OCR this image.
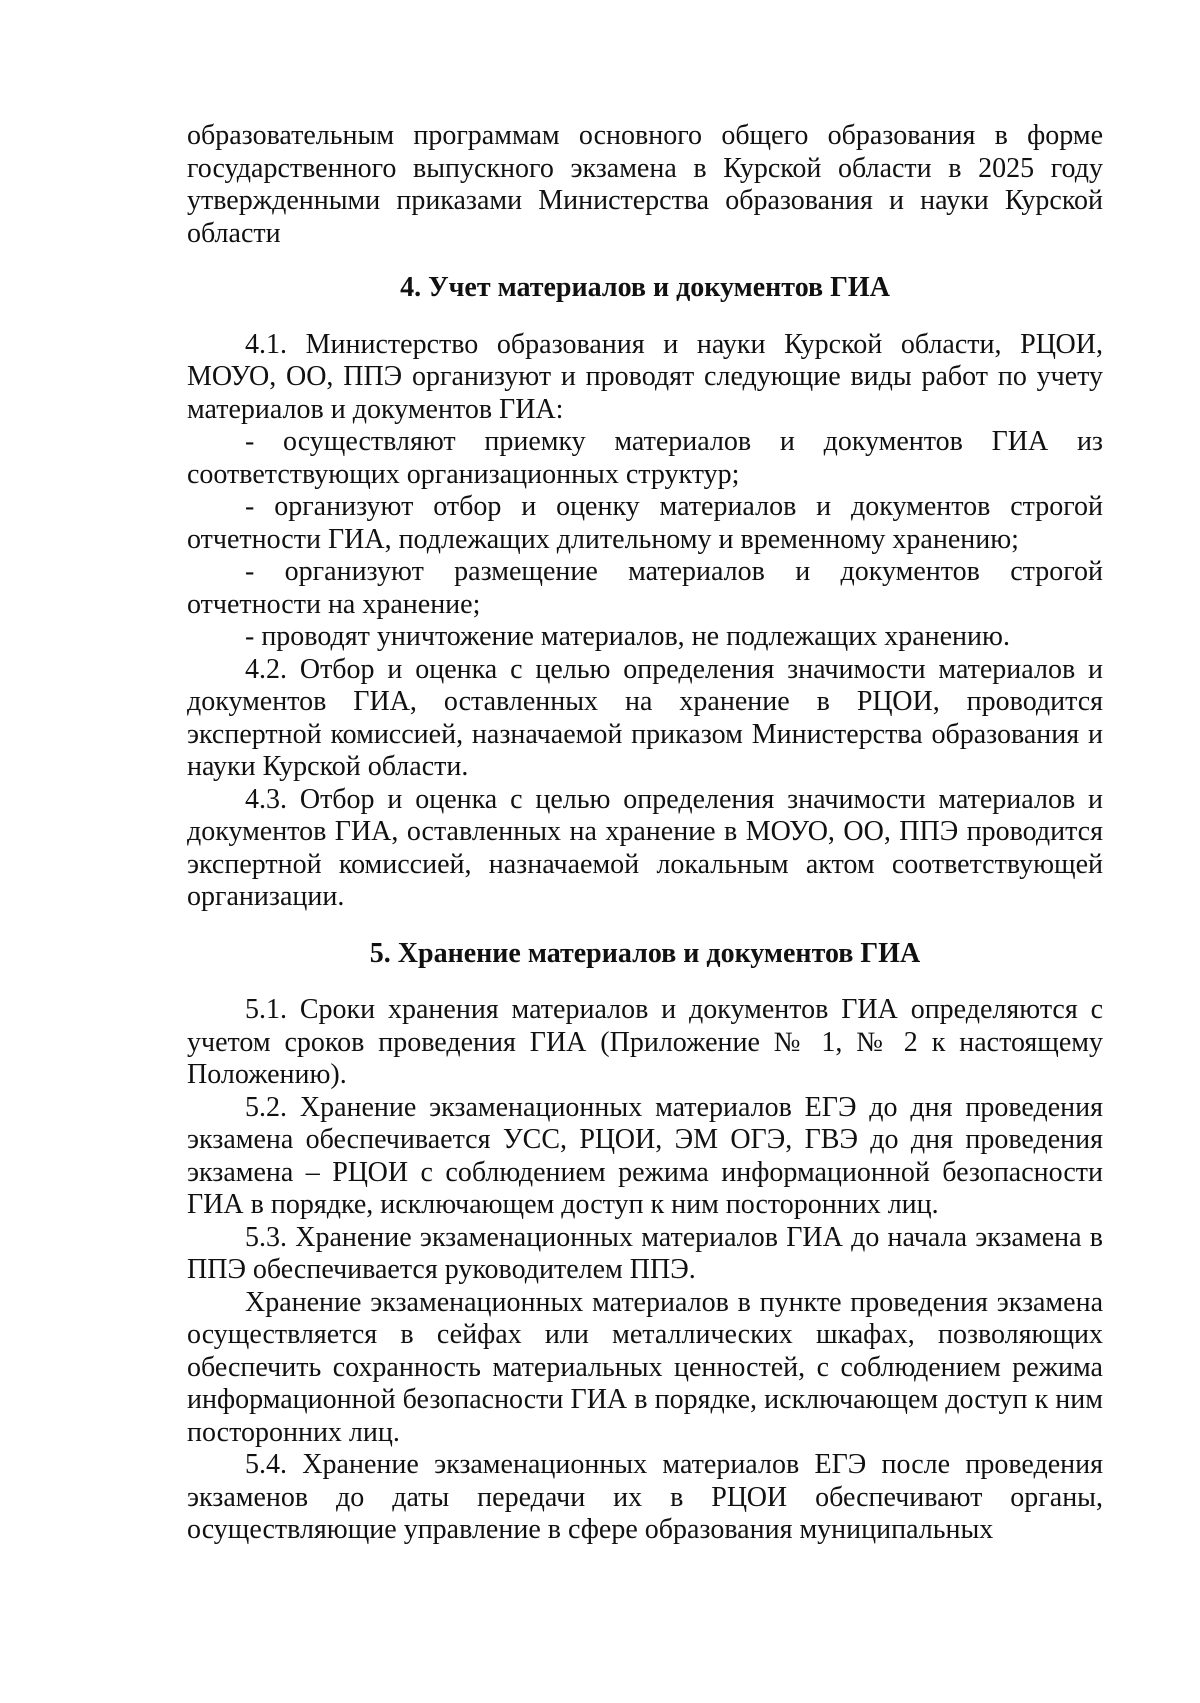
образовательным программам основного общего образования в форме государственного выпускного экзамена в Курской области в 2025 году утвержденными приказами Министерства образования и науки Курской области

4. Учет материалов и документов ГИА

4.1. Министерство образования и науки Курской области, РЦОИ, МОУО, ОО, ППЭ организуют и проводят следующие виды работ по учету материалов и документов ГИА:

- осуществляют приемку материалов и документов ГИА из соответствующих организационных структур;

- организуют отбор и оценку материалов и документов строгой отчетности ГИА, подлежащих длительному и временному хранению;

- организуют размещение материалов и документов строгой отчетности на хранение;

- проводят уничтожение материалов, не подлежащих хранению.

4.2. Отбор и оценка с целью определения значимости материалов и документов ГИА, оставленных на хранение в РЦОИ, проводится экспертной комиссией, назначаемой приказом Министерства образования и науки Курской области.

4.3. Отбор и оценка с целью определения значимости материалов и документов ГИА, оставленных на хранение в МОУО, ОО, ППЭ проводится экспертной комиссией, назначаемой локальным актом соответствующей организации.

5. Хранение материалов и документов ГИА

5.1. Сроки хранения материалов и документов ГИА определяются с учетом сроков проведения ГИА (Приложение № 1, № 2 к настоящему Положению).

5.2. Хранение экзаменационных материалов ЕГЭ до дня проведения экзамена обеспечивается УСС, РЦОИ, ЭМ ОГЭ, ГВЭ до дня проведения экзамена – РЦОИ с соблюдением режима информационной безопасности ГИА в порядке, исключающем доступ к ним посторонних лиц.

5.3. Хранение экзаменационных материалов ГИА до начала экзамена в ППЭ обеспечивается руководителем ППЭ.

Хранение экзаменационных материалов в пункте проведения экзамена осуществляется в сейфах или металлических шкафах, позволяющих обеспечить сохранность материальных ценностей, с соблюдением режима информационной безопасности ГИА в порядке, исключающем доступ к ним посторонних лиц.

5.4. Хранение экзаменационных материалов ЕГЭ после проведения экзаменов до даты передачи их в РЦОИ обеспечивают органы, осуществляющие управление в сфере образования муниципальных
